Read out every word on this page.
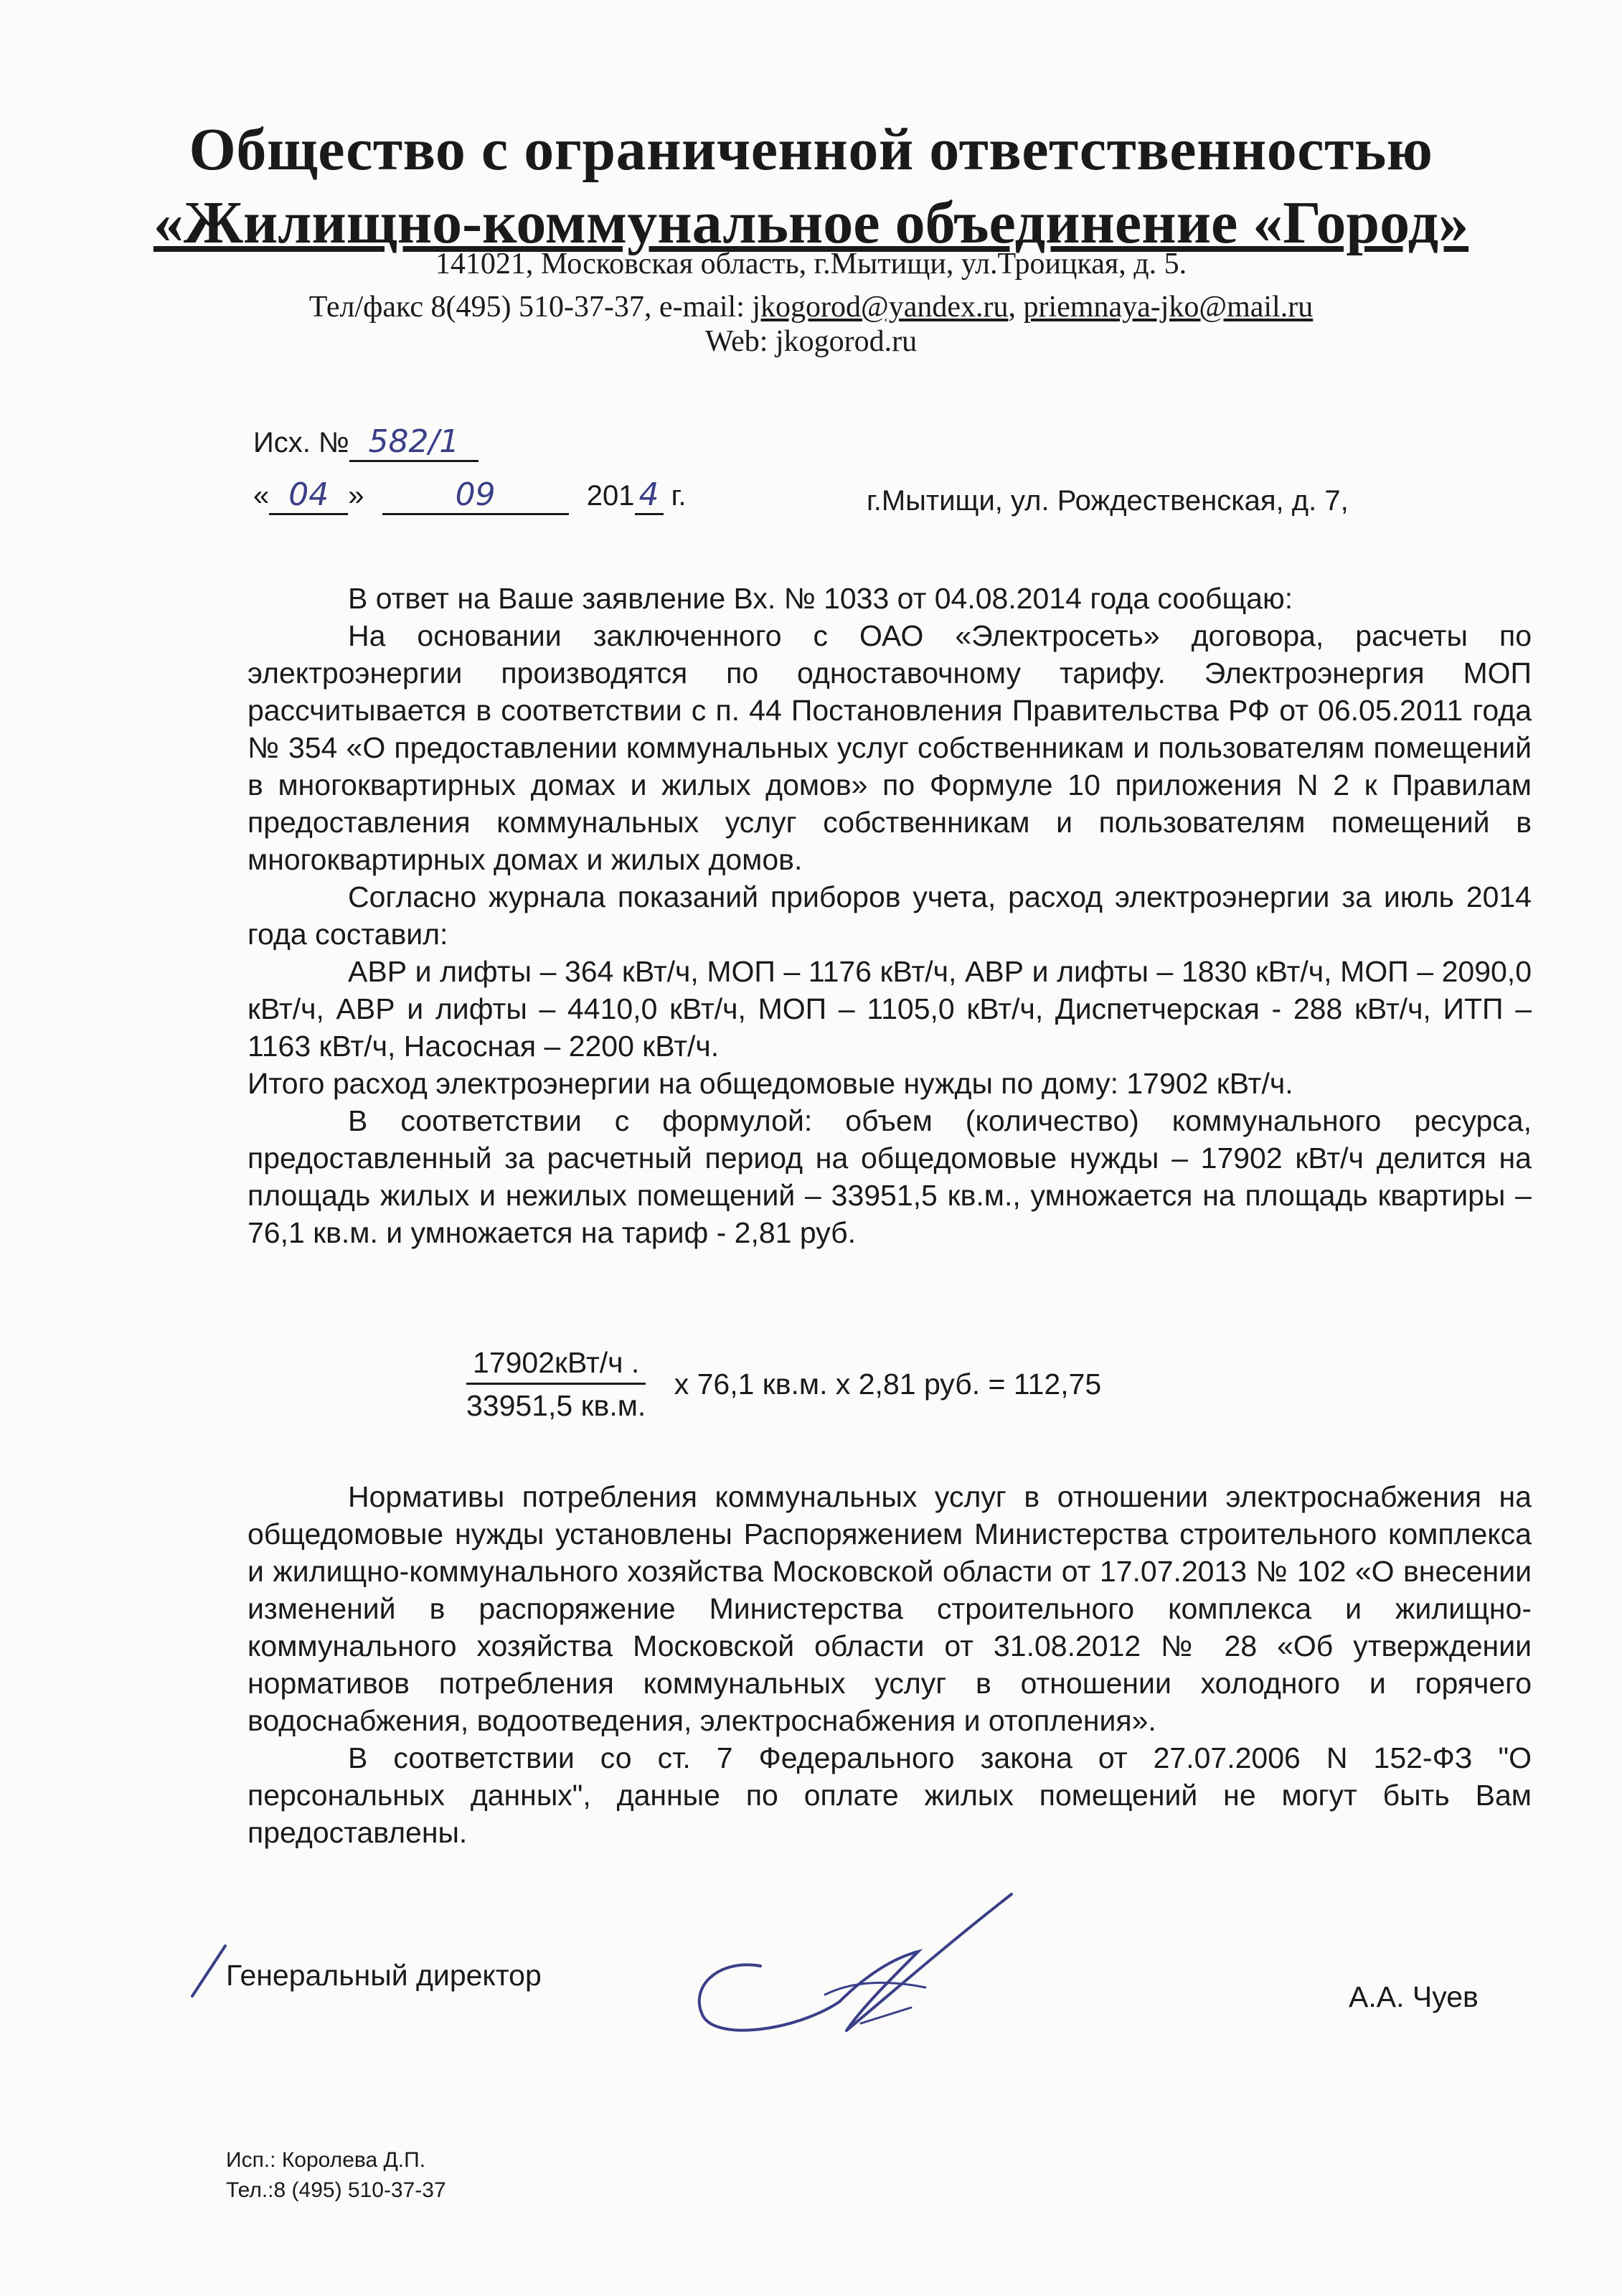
Общество с ограниченной ответственностью
«Жилищно-коммунальное объединение «Город»
141021, Московская область, г.Мытищи, ул.Троицкая, д. 5.
Тел/факс 8(495) 510-37-37, e-mail: jkogorod@yandex.ru, priemnaya-jko@mail.ru
Web: jkogorod.ru
Исх. № 582/1
« 04 »	09	201 4 г.	г.Мытищи, ул. Рождественская, д. 7,

В ответ на Ваше заявление Вх. № 1033 от 04.08.2014 года сообщаю:

На основании заключенного с ОАО «Электросеть» договора, расчеты по электроэнергии производятся по одноставочному тарифу. Электроэнергия МОП рассчитывается в соответствии с п. 44 Постановления Правительства РФ от 06.05.2011 года № 354 «О предоставлении коммунальных услуг собственникам и пользователям помещений в многоквартирных домах и жилых домов» по Формуле 10 приложения N 2 к Правилам предоставления коммунальных услуг собственникам и пользователям помещений в многоквартирных домах и жилых домов.

Согласно журнала показаний приборов учета, расход электроэнергии за июль 2014 года составил:

АВР и лифты – 364 кВт/ч, МОП – 1176 кВт/ч, АВР и лифты – 1830 кВт/ч, МОП – 2090,0 кВт/ч, АВР и лифты – 4410,0 кВт/ч, МОП – 1105,0 кВт/ч, Диспетчерская - 288 кВт/ч, ИТП – 1163 кВт/ч, Насосная – 2200 кВт/ч.

Итого расход электроэнергии на общедомовые нужды по дому: 17902 кВт/ч.

В соответствии с формулой: объем (количество) коммунального ресурса, предоставленный за расчетный период на общедомовые нужды – 17902 кВт/ч делится на площадь жилых и нежилых помещений – 33951,5 кв.м., умножается на площадь квартиры – 76,1 кв.м. и умножается на тариф - 2,81 руб.

$\frac{\text{17902кВт/ч .}}{33951,5 кв.м.}$ х 76,1 кв.м. х 2,81 руб. = 112,75

Нормативы потребления коммунальных услуг в отношении электроснабжения на общедомовые нужды установлены Распоряжением Министерства строительного комплекса и жилищно-коммунального хозяйства Московской области от 17.07.2013 № 102 «О внесении изменений в распоряжение Министерства строительного комплекса и жилищно-коммунального хозяйства Московской области от 31.08.2012 № 28 «Об утверждении нормативов потребления коммунальных услуг в отношении холодного и горячего водоснабжения, водоотведения, электроснабжения и отопления».

В соответствии со ст. 7 Федерального закона от 27.07.2006 N 152-ФЗ "О персональных данных", данные по оплате жилых помещений не могут быть Вам предоставлены.

Генеральный директор
А.А. Чуев
Исп.: Королева Д.П.
Тел.:8 (495) 510-37-37
